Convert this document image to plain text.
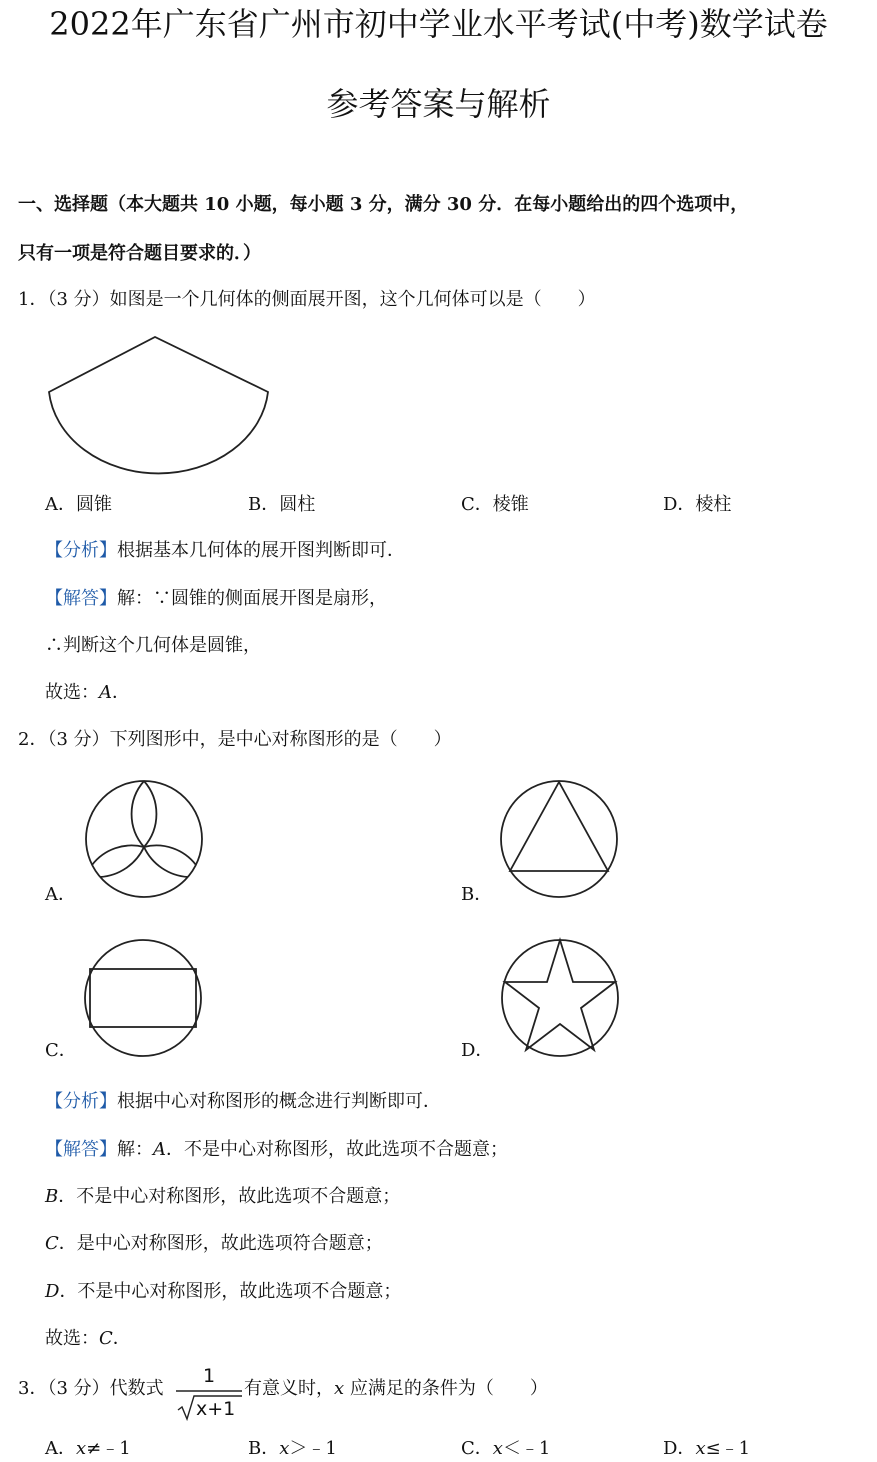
2022年广东省广州市初中学业水平考试(中考)数学试卷
参考答案与解析
一、选择题（本大题共 10 小题，每小题 3 分，满分 30 分．在每小题给出的四个选项中，
只有一项是符合题目要求的．）
1．（3 分）如图是一个几何体的侧面展开图，这个几何体可以是（　　）
A．圆锥	B．圆柱	C．棱锥	D．棱柱
【分析】根据基本几何体的展开图判断即可．
【解答】解：∵圆锥的侧面展开图是扇形，
∴判断这个几何体是圆锥，
故选：A．
2．（3 分）下列图形中，是中心对称图形的是（　　）
A．	B．
C．	D．
【分析】根据中心对称图形的概念进行判断即可．
【解答】解：A．不是中心对称图形，故此选项不合题意；
B．不是中心对称图形，故此选项不合题意；
C．是中心对称图形，故此选项符合题意；
D．不是中心对称图形，故此选项不合题意；
故选：C．
3．（3 分）代数式
1
x+1
有意义时，x 应满足的条件为（　　）
A．x≠﹣1	B．x＞﹣1	C．x＜﹣1	D．x≤﹣1
